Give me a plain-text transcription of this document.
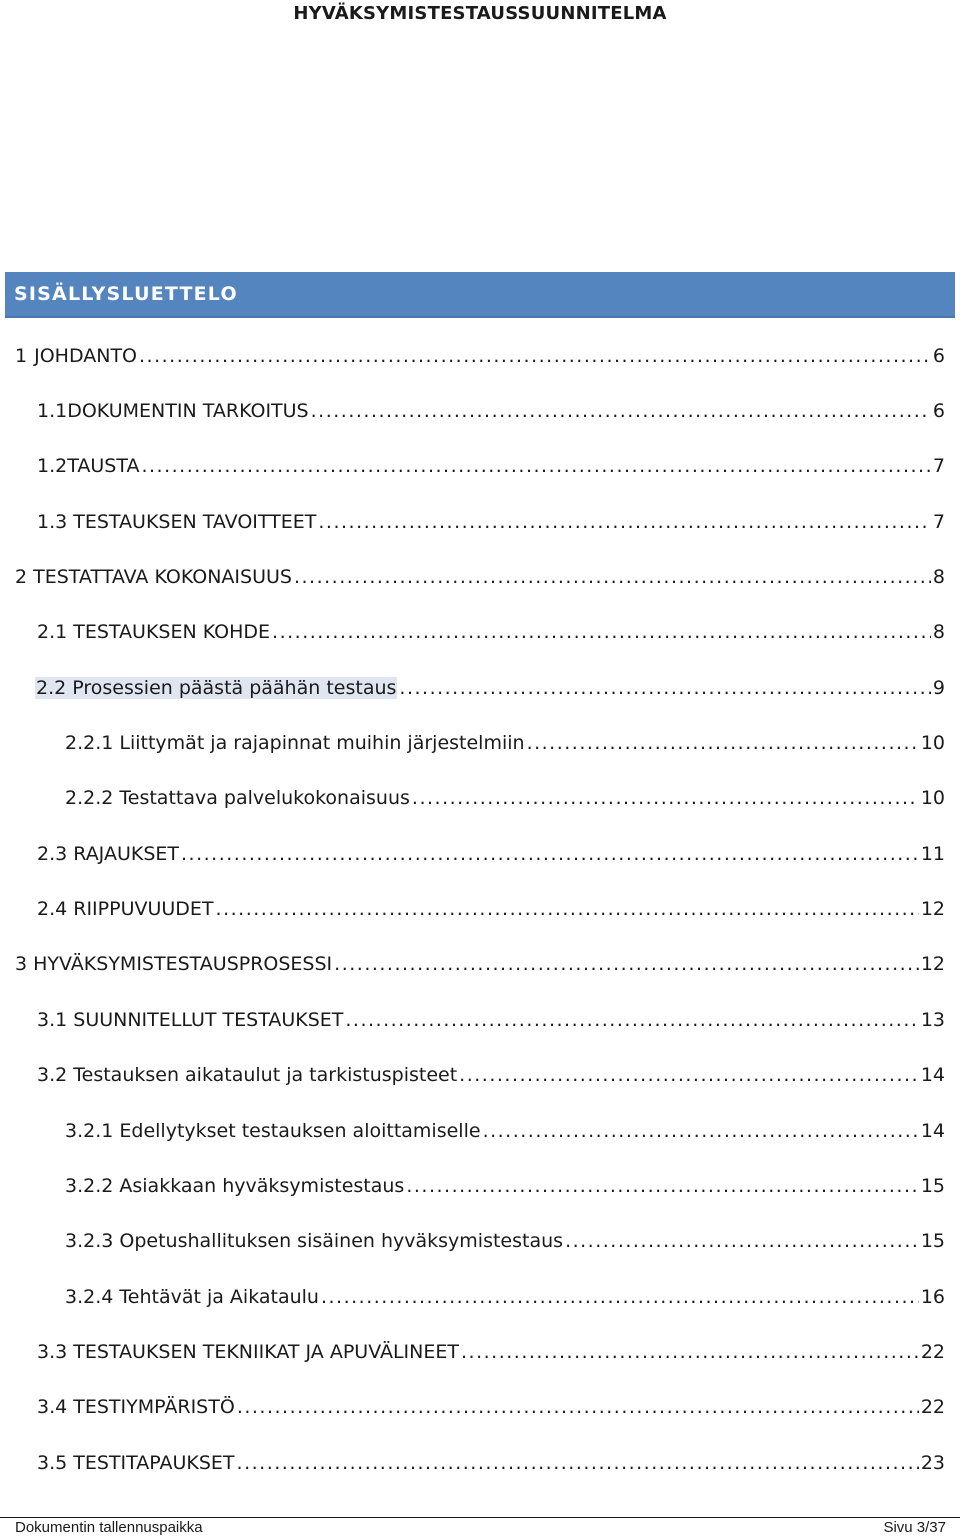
HYVÄKSYMISTESTAUSSUUNNITELMA
SISÄLLYSLUETTELO
1 JOHDANTO .....	6
1.1 DOKUMENTIN TARKOITUS .....	6
1.2 TAUSTA .....	7
1.3 TESTAUKSEN TAVOITTEET .....	7
2 TESTATTAVA KOKONAISUUS .....	8
2.1 TESTAUKSEN KOHDE .....	8
2.2 Prosessien päästä päähän testaus .....	9
2.2.1 Liittymät ja rajapinnat muihin järjestelmiin .....	10
2.2.2 Testattava palvelukokonaisuus .....	10
2.3 RAJAUKSET .....	11
2.4 RIIPPUVUUDET .....	12
3 HYVÄKSYMISTESTAUSPROSESSI .....	12
3.1 SUUNNITELLUT TESTAUKSET .....	13
3.2 Testauksen aikataulut ja tarkistuspisteet .....	14
3.2.1 Edellytykset testauksen aloittamiselle .....	14
3.2.2 Asiakkaan hyväksymistestaus .....	15
3.2.3 Opetushallituksen sisäinen hyväksymistestaus .....	15
3.2.4 Tehtävät ja Aikataulu .....	16
3.3 TESTAUKSEN TEKNIIKAT JA APUVÄLINEET .....	22
3.4 TESTIYMPÄRISTÖ .....	22
3.5 TESTITAPAUKSET .....	23
Dokumentin tallennuspaikka	Sivu 3/37
